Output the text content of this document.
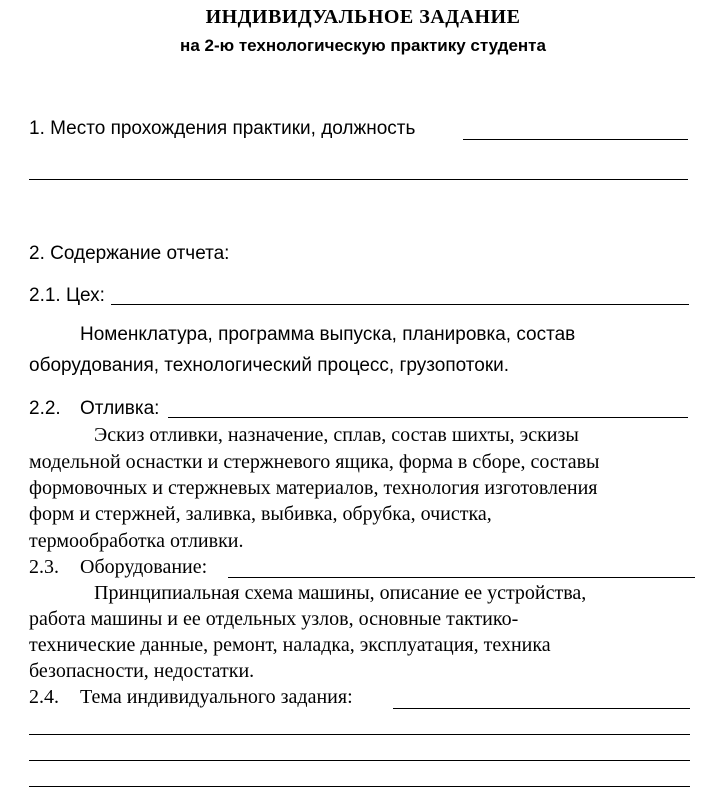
ИНДИВИДУАЛЬНОЕ ЗАДАНИЕ
на 2-ю технологическую практику студента
1. Место прохождения практики, должность
2. Содержание отчета:
2.1. Цех:
Номенклатура, программа выпуска, планировка, состав
оборудования, технологический процесс, грузопотоки.
2.2. Отливка:
Эскиз отливки, назначение, сплав, состав шихты, эскизы
модельной оснастки и стержневого ящика, форма в сборе, составы
формовочных и стержневых материалов, технология изготовления
форм и стержней, заливка, выбивка, обрубка, очистка,
термообработка отливки.
2.3. Оборудование:
Принципиальная схема машины, описание ее устройства,
работа машины и ее отдельных узлов, основные тактико-
технические данные, ремонт, наладка, эксплуатация, техника
безопасности, недостатки.
2.4. Тема индивидуального задания:
